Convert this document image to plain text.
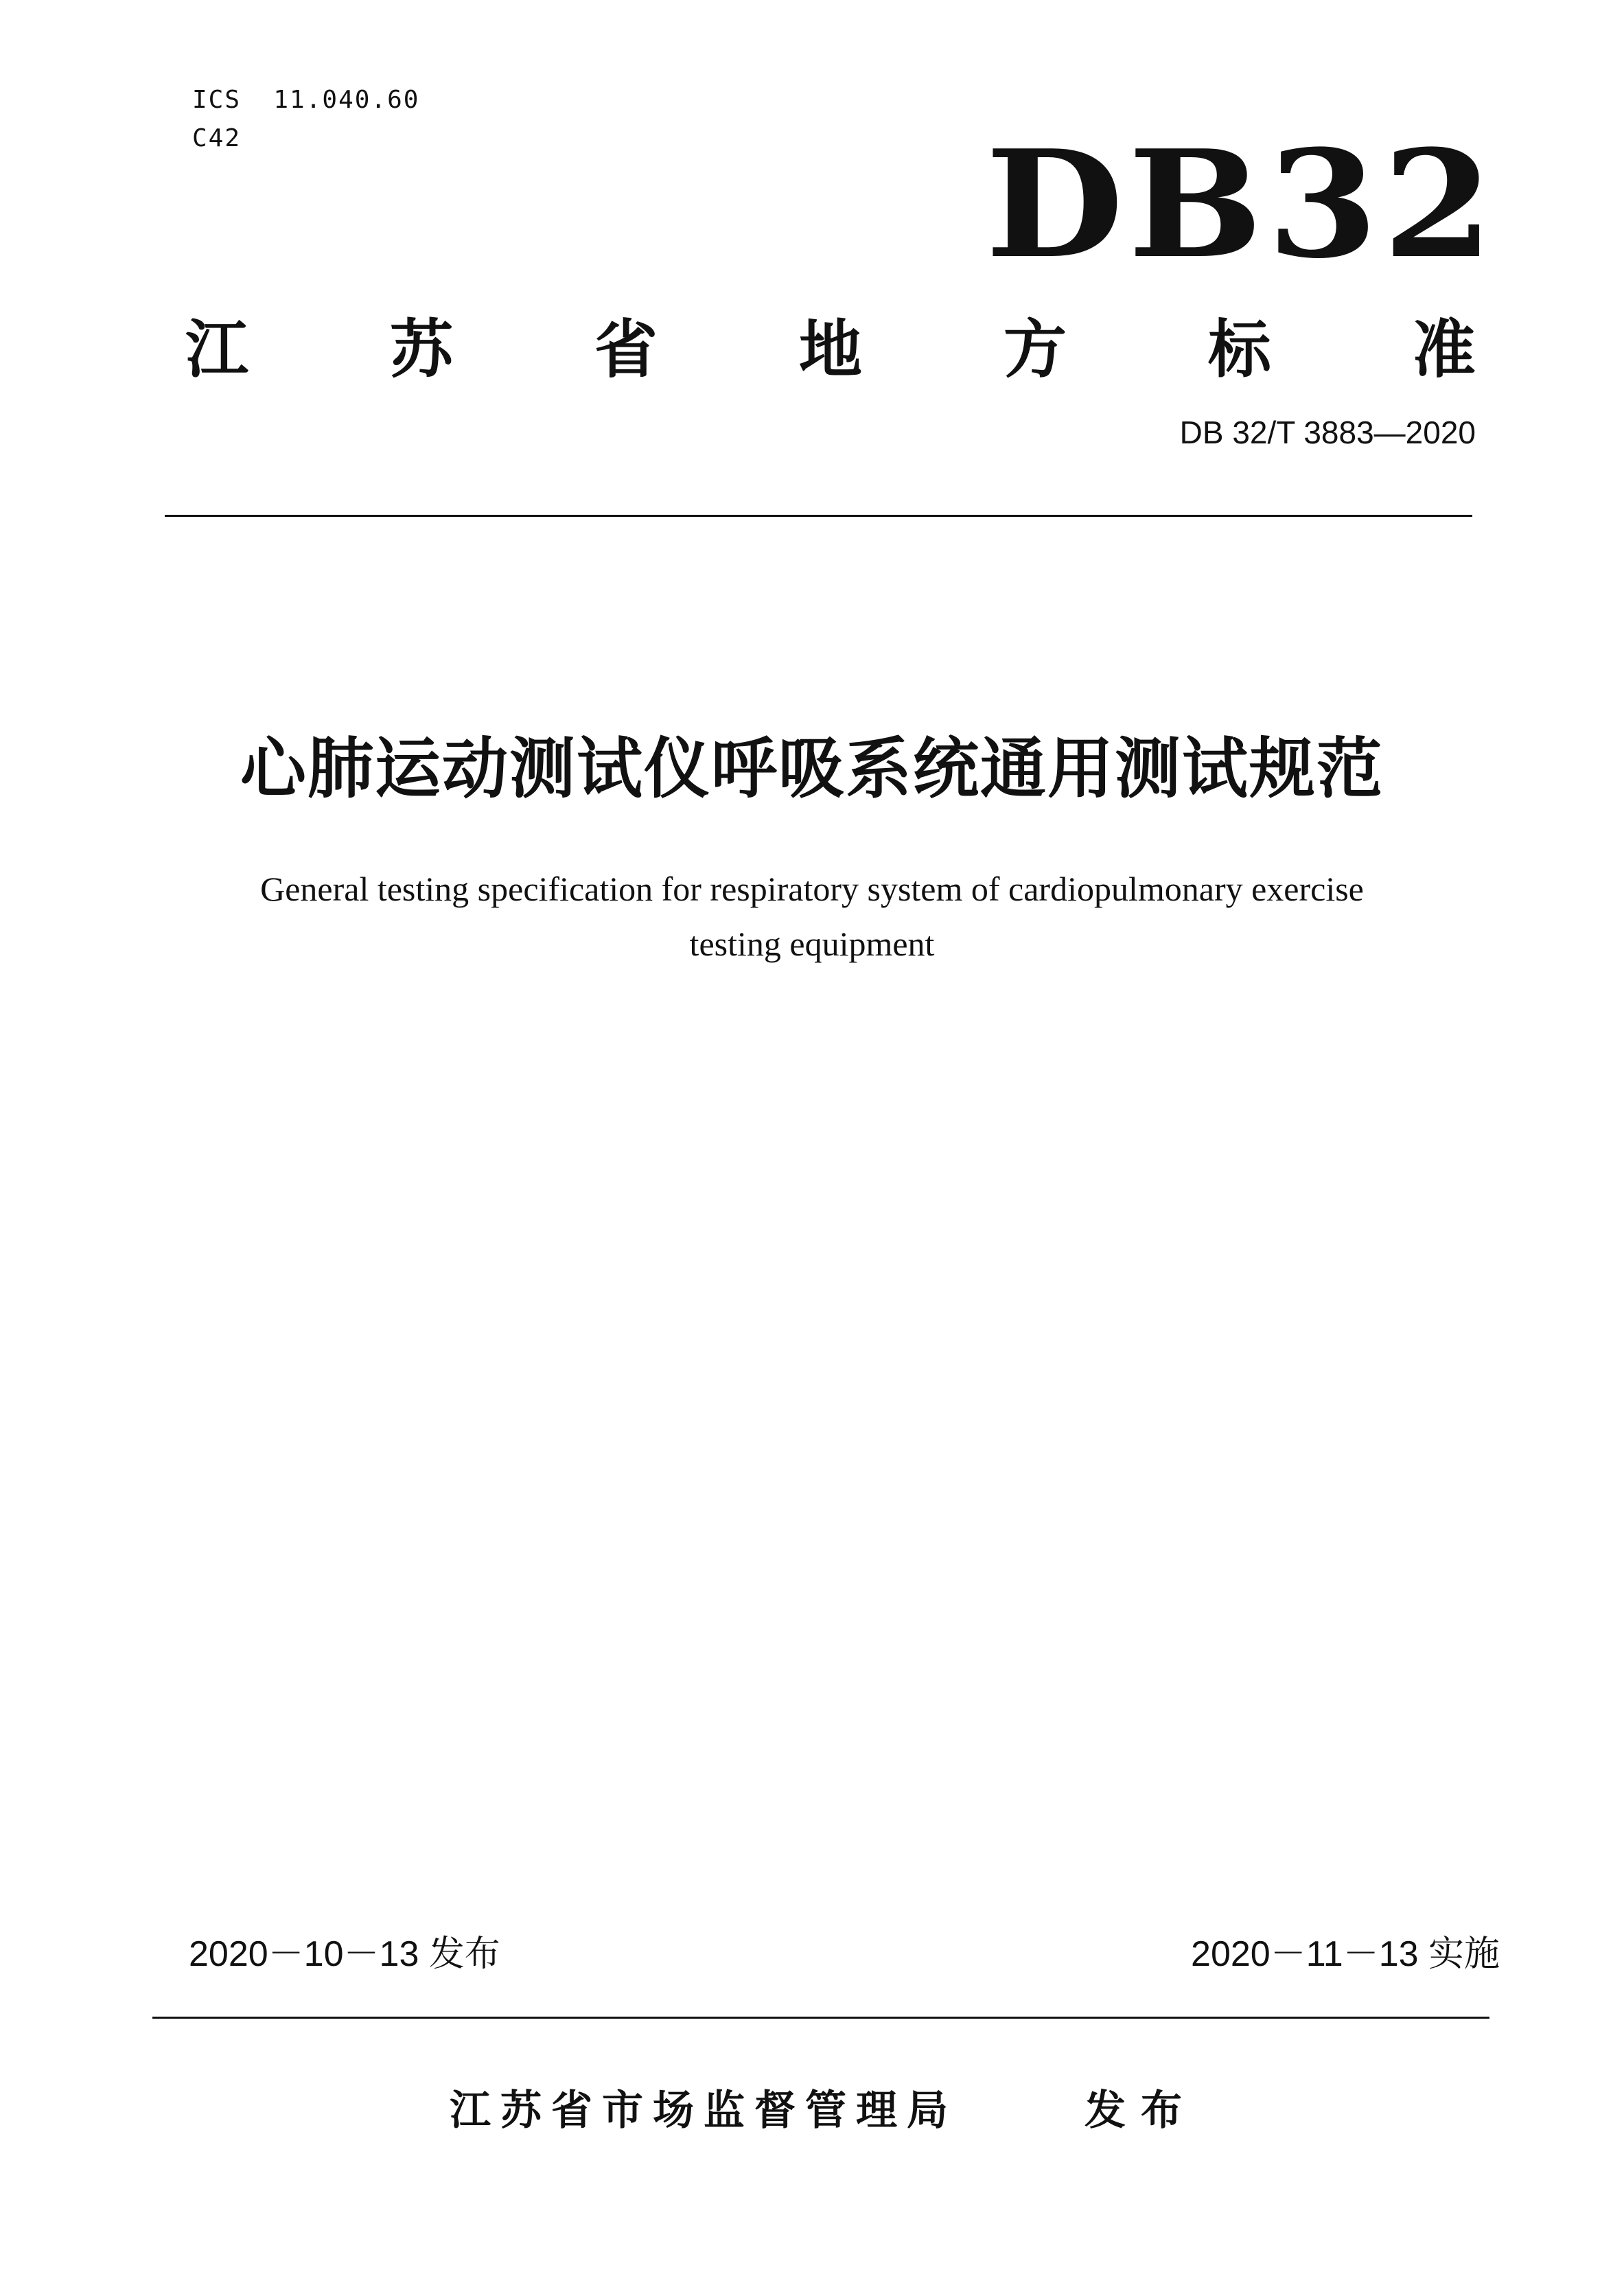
ICS  11.040.60
C42	DB32
江 苏 省 地 方 标 准
DB 32/T 3883—2020
心肺运动测试仪呼吸系统通用测试规范
General testing specification for respiratory system of cardiopulmonary exercise
testing equipment
2020－10－13 发布	2020－11－13 实施
江苏省市场监督管理局	发布
